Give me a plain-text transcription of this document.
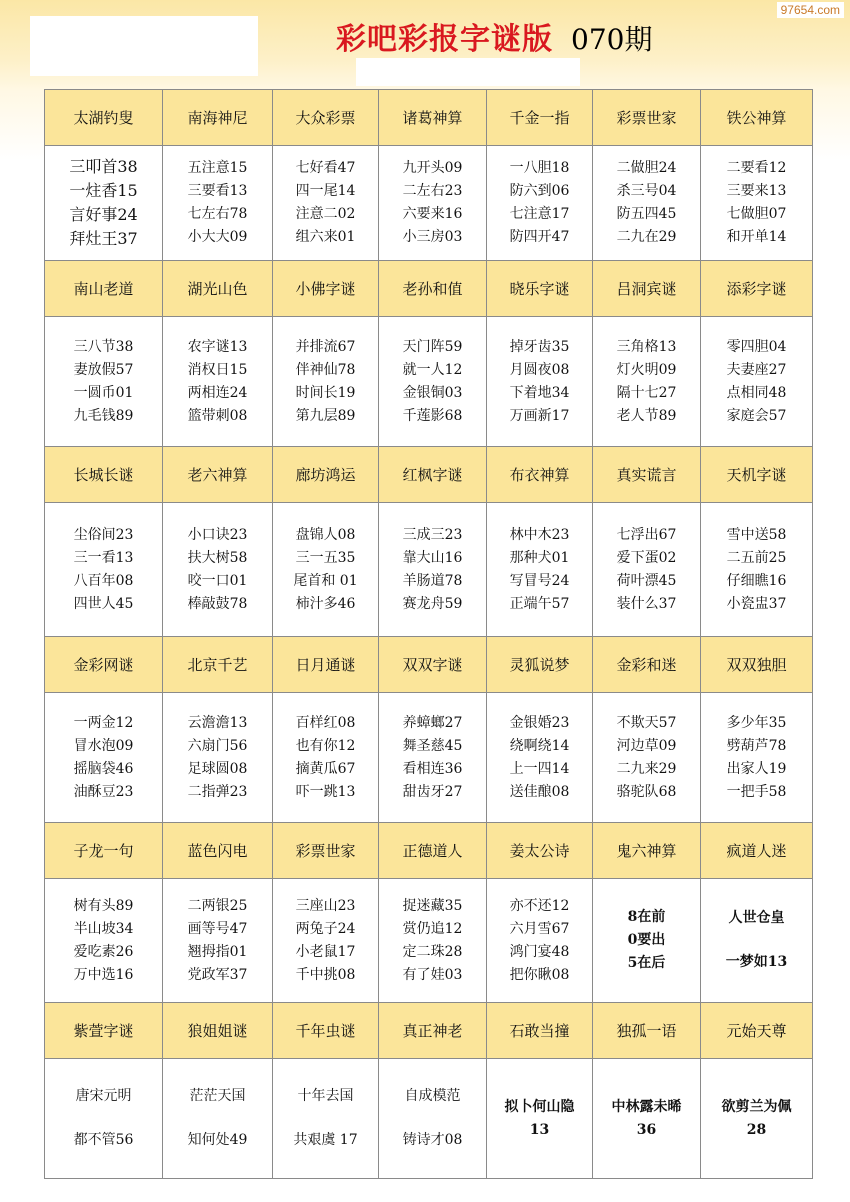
97654.com
彩吧彩报字谜版 070期
太湖钓叟	南海神尼	大众彩票	诸葛神算	千金一指	彩票世家	铁公神算

三叩首38
一炷香15
言好事24
拜灶王37	五注意15
三要看13
七左右78
小大大09	七好看47
四一尾14
注意二02
组六来01	九开头09
二左右23
六要来16
小三房03	一八胆18
防六到06
七注意17
防四开47	二做胆24
杀三号04
防五四45
二九在29	二要看12
三要来13
七做胆07
和开单14

南山老道	湖光山色	小佛字谜	老孙和值	晓乐字谜	吕洞宾谜	添彩字谜

三八节38
妻放假57
一圆币01
九毛钱89	农字谜13
消权日15
两相连24
篮带刺08	并排流67
伴神仙78
时间长19
第九层89	天门阵59
就一人12
金银铜03
千莲影68	掉牙齿35
月圆夜08
下着地34
万画新17	三角格13
灯火明09
隔十七27
老人节89	零四胆04
夫妻座27
点相同48
家庭会57

长城长谜	老六神算	廊坊鸿运	红枫字谜	布衣神算	真实谎言	天机字谜

尘俗间23
三一看13
八百年08
四世人45	小口诀23
扶大树58
咬一口01
棒敲鼓78	盘锦人08
三一五35
尾首和 01
柿汁多46	三成三23
靠大山16
羊肠道78
赛龙舟59	林中木23
那种犬01
写冒号24
正端午57	七浮出67
爱下蛋02
荷叶漂45
装什么37	雪中送58
二五前25
仔细瞧16
小瓷盅37

金彩网谜	北京千艺	日月通谜	双双字谜	灵狐说梦	金彩和迷	双双独胆

一两金12
冒水泡09
摇脑袋46
油酥豆23	云澹澹13
六扇门56
足球圆08
二指弹23	百样红08
也有你12
摘黄瓜67
吓一跳13	养蟑螂27
舞圣慈45
看相连36
甜齿牙27	金银婚23
绕啊绕14
上一四14
送佳酿08	不欺天57
河边草09
二九来29
骆驼队68	多少年35
劈葫芦78
出家人19
一把手58

子龙一句	蓝色闪电	彩票世家	正德道人	姜太公诗	鬼六神算	疯道人迷

树有头89
半山坡34
爱吃素26
万中选16	二两银25
画等号47
翘拇指01
党政军37	三座山23
两兔子24
小老鼠17
千中挑08	捉迷藏35
赏仍追12
定二珠28
有了娃03	亦不还12
六月雪67
鸿门宴48
把你瞅08	8在前
0要出
5在后	人世仓皇
一梦如13

紫萱字谜	狼姐姐谜	千年虫谜	真正神老	石敢当撞	独孤一语	元始天尊

唐宋元明
都不管56	茫茫天国
知何处49	十年去国
共艰虞 17	自成模范
铸诗才08	拟卜何山隐
13	中林露未晞
36	欲剪兰为佩
28
